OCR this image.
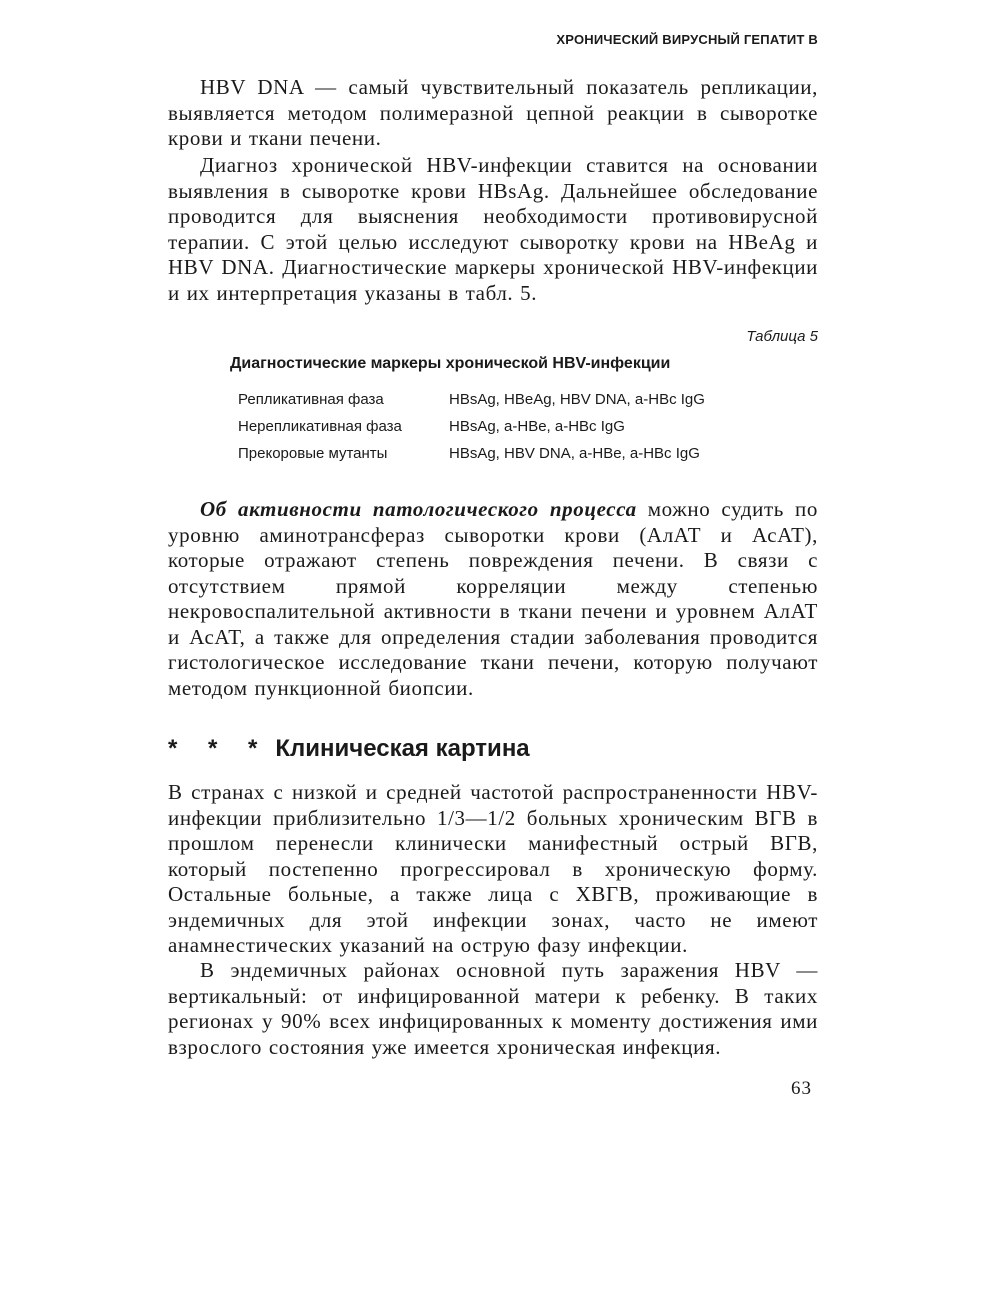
ХРОНИЧЕСКИЙ ВИРУСНЫЙ ГЕПАТИТ В

HBV DNA — самый чувствительный показатель репликации, выявляется методом полимеразной цепной реакции в сыворотке крови и ткани печени.

Диагноз хронической HBV-инфекции ставится на основании выявления в сыворотке крови HBsAg. Дальнейшее обследование проводится для выяснения необходимости противовирусной терапии. С этой целью исследуют сыворотку крови на HBeAg и HBV DNA. Диагностические маркеры хронической HBV-инфекции и их интерпретация указаны в табл. 5.

Таблица 5
Диагностические маркеры хронической HBV-инфекции
Репликативная фаза	HBsAg, HBeAg, HBV DNA, a-HBc IgG
Нерепликативная фаза	HBsAg, a-HBe, a-HBc IgG
Прекоровые мутанты	HBsAg, HBV DNA, a-HBe, a-HBc IgG

Об активности патологического процесса можно судить по уровню аминотрансфераз сыворотки крови (АлАТ и АсАТ), которые отражают степень повреждения печени. В связи с отсутствием прямой корреляции между степенью некровоспалительной активности в ткани печени и уровнем АлАТ и АсАТ, а также для определения стадии заболевания проводится гистологическое исследование ткани печени, которую получают методом пункционной биопсии.

* * * Клиническая картина

В странах с низкой и средней частотой распространенности HBV-инфекции приблизительно 1/3—1/2 больных хроническим ВГВ в прошлом перенесли клинически манифестный острый ВГВ, который постепенно прогрессировал в хроническую форму. Остальные больные, а также лица с ХВГВ, проживающие в эндемичных для этой инфекции зонах, часто не имеют анамнестических указаний на острую фазу инфекции.

В эндемичных районах основной путь заражения HBV — вертикальный: от инфицированной матери к ребенку. В таких регионах у 90% всех инфицированных к моменту достижения ими взрослого состояния уже имеется хроническая инфекция.

63
